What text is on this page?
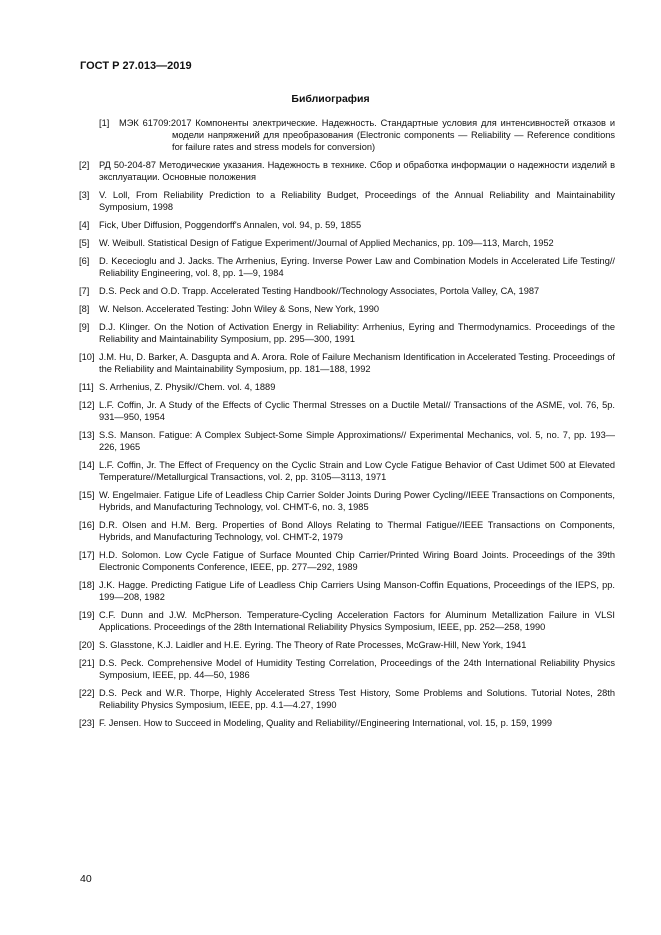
ГОСТ Р 27.013—2019
Библиография
[1] МЭК 61709:2017 Компоненты электрические. Надежность. Стандартные условия для интенсивностей отказов и модели напряжений для преобразования (Electronic components — Reliability — Reference conditions for failure rates and stress models for conversion)
[2] РД 50-204-87 Методические указания. Надежность в технике. Сбор и обработка информации о надежности изделий в эксплуатации. Основные положения
[3] V. Loll, From Reliability Prediction to a Reliability Budget, Proceedings of the Annual Reliability and Maintainability Symposium, 1998
[4] Fick, Uber Diffusion, Poggendorff's Annalen, vol. 94, p. 59, 1855
[5] W. Weibull. Statistical Design of Fatigue Experiment//Journal of Applied Mechanics, pp. 109—113, March, 1952
[6] D. Kececioglu and J. Jacks. The Arrhenius, Eyring. Inverse Power Law and Combination Models in Accelerated Life Testing// Reliability Engineering, vol. 8, pp. 1—9, 1984
[7] D.S. Peck and O.D. Trapp. Accelerated Testing Handbook//Technology Associates, Portola Valley, CA, 1987
[8] W. Nelson. Accelerated Testing: John Wiley & Sons, New York, 1990
[9] D.J. Klinger. On the Notion of Activation Energy in Reliability: Arrhenius, Eyring and Thermodynamics. Proceedings of the Reliability and Maintainability Symposium, pp. 295—300, 1991
[10] J.M. Hu, D. Barker, A. Dasgupta and A. Arora. Role of Failure Mechanism Identification in Accelerated Testing. Proceedings of the Reliability and Maintainability Symposium, pp. 181—188, 1992
[11] S. Arrhenius, Z. Physik//Chem. vol. 4, 1889
[12] L.F. Coffin, Jr. A Study of the Effects of Cyclic Thermal Stresses on a Ductile Metal// Transactions of the ASME, vol. 76, 5p. 931—950, 1954
[13] S.S. Manson. Fatigue: A Complex Subject-Some Simple Approximations// Experimental Mechanics, vol. 5, no. 7, pp. 193—226, 1965
[14] L.F. Coffin, Jr. The Effect of Frequency on the Cyclic Strain and Low Cycle Fatigue Behavior of Cast Udimet 500 at Elevated Temperature//Metallurgical Transactions, vol. 2, pp. 3105—3113, 1971
[15] W. Engelmaier. Fatigue Life of Leadless Chip Carrier Solder Joints During Power Cycling//IEEE Transactions on Components, Hybrids, and Manufacturing Technology, vol. CHMT-6, no. 3, 1985
[16] D.R. Olsen and H.M. Berg. Properties of Bond Alloys Relating to Thermal Fatigue//IEEE Transactions on Components, Hybrids, and Manufacturing Technology, vol. CHMT-2, 1979
[17] H.D. Solomon. Low Cycle Fatigue of Surface Mounted Chip Carrier/Printed Wiring Board Joints. Proceedings of the 39th Electronic Components Conference, IEEE, pp. 277—292, 1989
[18] J.K. Hagge. Predicting Fatigue Life of Leadless Chip Carriers Using Manson-Coffin Equations, Proceedings of the IEPS, pp. 199—208, 1982
[19] C.F. Dunn and J.W. McPherson. Temperature-Cycling Acceleration Factors for Aluminum Metallization Failure in VLSI Applications. Proceedings of the 28th International Reliability Physics Symposium, IEEE, pp. 252—258, 1990
[20] S. Glasstone, K.J. Laidler and H.E. Eyring. The Theory of Rate Processes, McGraw-Hill, New York, 1941
[21] D.S. Peck. Comprehensive Model of Humidity Testing Correlation, Proceedings of the 24th International Reliability Physics Symposium, IEEE, pp. 44—50, 1986
[22] D.S. Peck and W.R. Thorpe, Highly Accelerated Stress Test History, Some Problems and Solutions. Tutorial Notes, 28th Reliability Physics Symposium, IEEE, pp. 4.1—4.27, 1990
[23] F. Jensen. How to Succeed in Modeling, Quality and Reliability//Engineering International, vol. 15, p. 159, 1999
40
